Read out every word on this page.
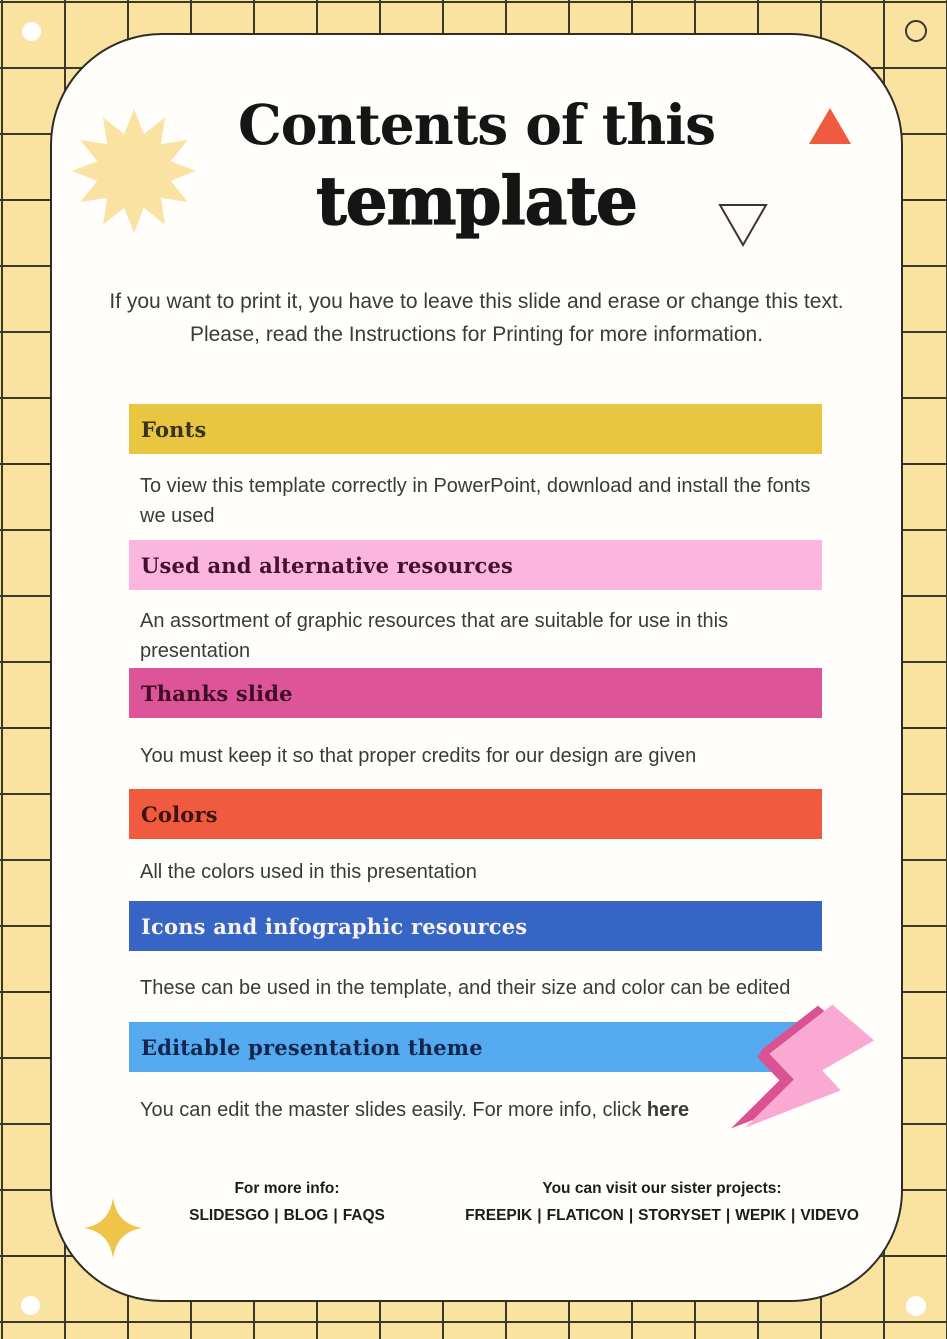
Contents of this
template

If you want to print it, you have to leave this slide and erase or change this text. Please, read the Instructions for Printing for more information.

Fonts

To view this template correctly in PowerPoint, download and install the fonts we used

Used and alternative resources

An assortment of graphic resources that are suitable for use in this presentation

Thanks slide

You must keep it so that proper credits for our design are given

Colors

All the colors used in this presentation

Icons and infographic resources

These can be used in the template, and their size and color can be edited

Editable presentation theme

You can edit the master slides easily. For more info, click here

For more info:
SLIDESGO | BLOG | FAQS
You can visit our sister projects:
FREEPIK | FLATICON | STORYSET | WEPIK | VIDEVO
